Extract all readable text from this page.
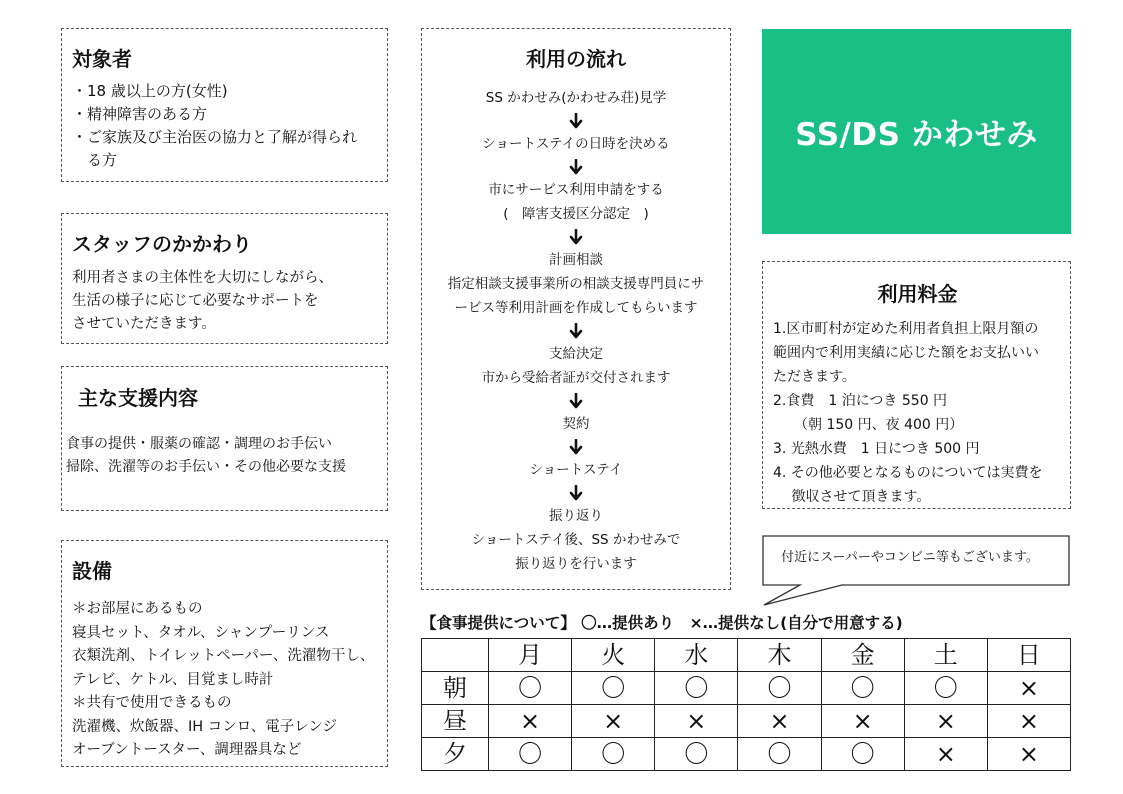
対象者

・18 歳以上の方(女性)
・精神障害のある方
・ご家族及び主治医の協力と了解が得られ
　る方

スタッフのかかわり

利用者さまの主体性を大切にしながら、
生活の様子に応じて必要なサポートを
させていただきます。

主な支援内容

食事の提供・服薬の確認・調理のお手伝い
掃除、洗濯等のお手伝い・その他必要な支援

設備

＊お部屋にあるもの
寝具セット、タオル、シャンプーリンス
衣類洗剤、トイレットペーパー、洗濯物干し、
テレビ、ケトル、目覚まし時計
＊共有で使用できるもの
洗濯機、炊飯器、IH コンロ、電子レンジ
オーブントースター、調理器具など

利用の流れ

SS かわせみ(かわせみ荘)見学
ショートステイの日時を決める
市にサービス利用申請をする
(　障害支援区分認定　)
計画相談
指定相談支援事業所の相談支援専門員にサ
ービス等利用計画を作成してもらいます
支給決定
市から受給者証が交付されます
契約
ショートステイ
振り返り
ショートステイ後、SS かわせみで
振り返りを行います
SS/DS かわせみ

利用料金

1.区市町村が定めた利用者負担上限月額の
範囲内で利用実績に応じた額をお支払いい
ただきます。
2.食費　1 泊につき 550 円
　　（朝 150 円、夜 400 円）
3. 光熱水費　1 日につき 500 円
4. その他必要となるものについては実費を
　 徴収させて頂きます。
付近にスーパーやコンビニ等もございます。
【食事提供について】 〇…提供あり　×…提供なし(自分で用意する)
	月	火	水	木	金	土	日
朝	〇	〇	〇	〇	〇	〇	×
昼	×	×	×	×	×	×	×
夕	〇	〇	〇	〇	〇	×	×
